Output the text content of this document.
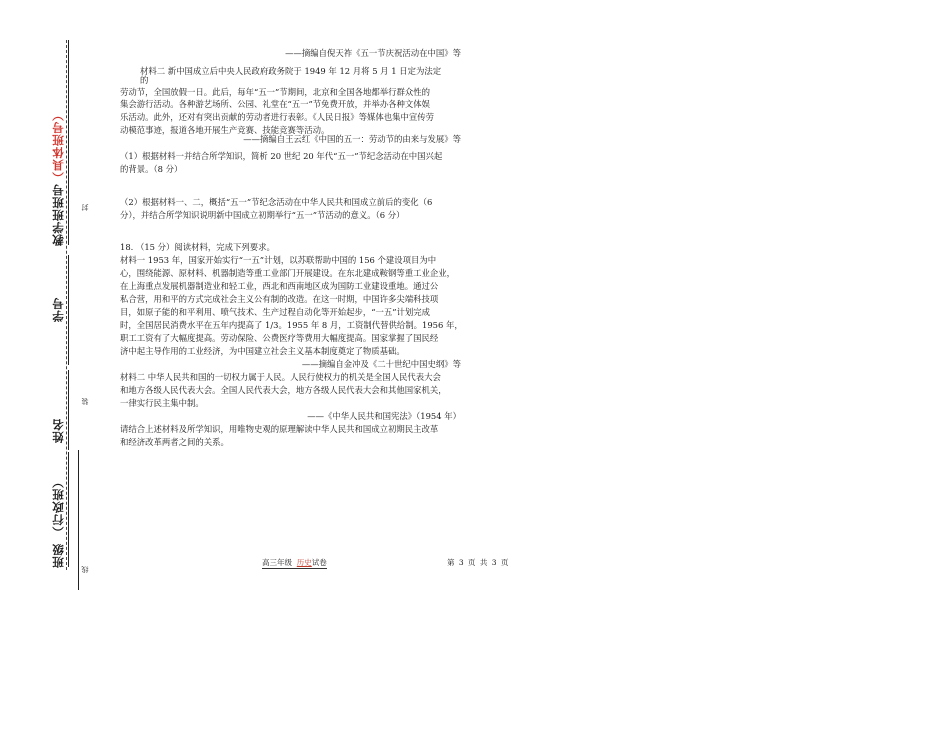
班级 （行政班）
姓名
装
学号
教学班班号（具体班号）
封
线
——摘编自倪天祚《五一节庆祝活动在中国》等
材料二 新中国成立后中央人民政府政务院于 1949 年 12 月将 5 月 1 日定为法定
的
劳动节，全国放假一日。此后，每年“五一”节期间，北京和全国各地都举行群众性的
集会游行活动。各种游艺场所、公园、礼堂在“五一”节免费开放，并举办各种文体娱
乐活动。此外，还对有突出贡献的劳动者进行表彰。《人民日报》等媒体也集中宣传劳
动模范事迹，报道各地开展生产竞赛、技能竞赛等活动。
——摘编自王云红《中国的五一：劳动节的由来与发展》等
（1）根据材料一并结合所学知识，简析 20 世纪 20 年代“五一”节纪念活动在中国兴起
的背景。（8 分）
（2）根据材料一、二，概括“五一”节纪念活动在中华人民共和国成立前后的变化（6
分），并结合所学知识说明新中国成立初期举行“五一”节活动的意义。（6 分）
18. （15 分）阅读材料，完成下列要求。
材料一 1953 年，国家开始实行“一五”计划，以苏联帮助中国的 156 个建设项目为中
心，围绕能源、原材料、机器制造等重工业部门开展建设。在东北建成鞍钢等重工业企业，
在上海重点发展机器制造业和轻工业，西北和西南地区成为国防工业建设重地。通过公
私合营，用和平的方式完成社会主义公有制的改造。在这一时期，中国许多尖端科技项
目，如原子能的和平利用、喷气技术、生产过程自动化等开始起步，“一五”计划完成
时，全国居民消费水平在五年内提高了 1/3。1955 年 8 月，工资制代替供给制。1956 年，
职工工资有了大幅度提高。劳动保险、公费医疗等费用大幅度提高。国家掌握了国民经
济中起主导作用的工业经济，为中国建立社会主义基本制度奠定了物质基础。
——摘编自金冲及《二十世纪中国史纲》等
材料二 中华人民共和国的一切权力属于人民。人民行使权力的机关是全国人民代表大会
和地方各级人民代表大会。全国人民代表大会，地方各级人民代表大会和其他国家机关，
一律实行民主集中制。
——《中华人民共和国宪法》（1954 年）
请结合上述材料及所学知识，用唯物史观的原理解读中华人民共和国成立初期民主改革
和经济改革两者之间的关系。
高三年级 历史试卷	第 3 页 共 3 页
